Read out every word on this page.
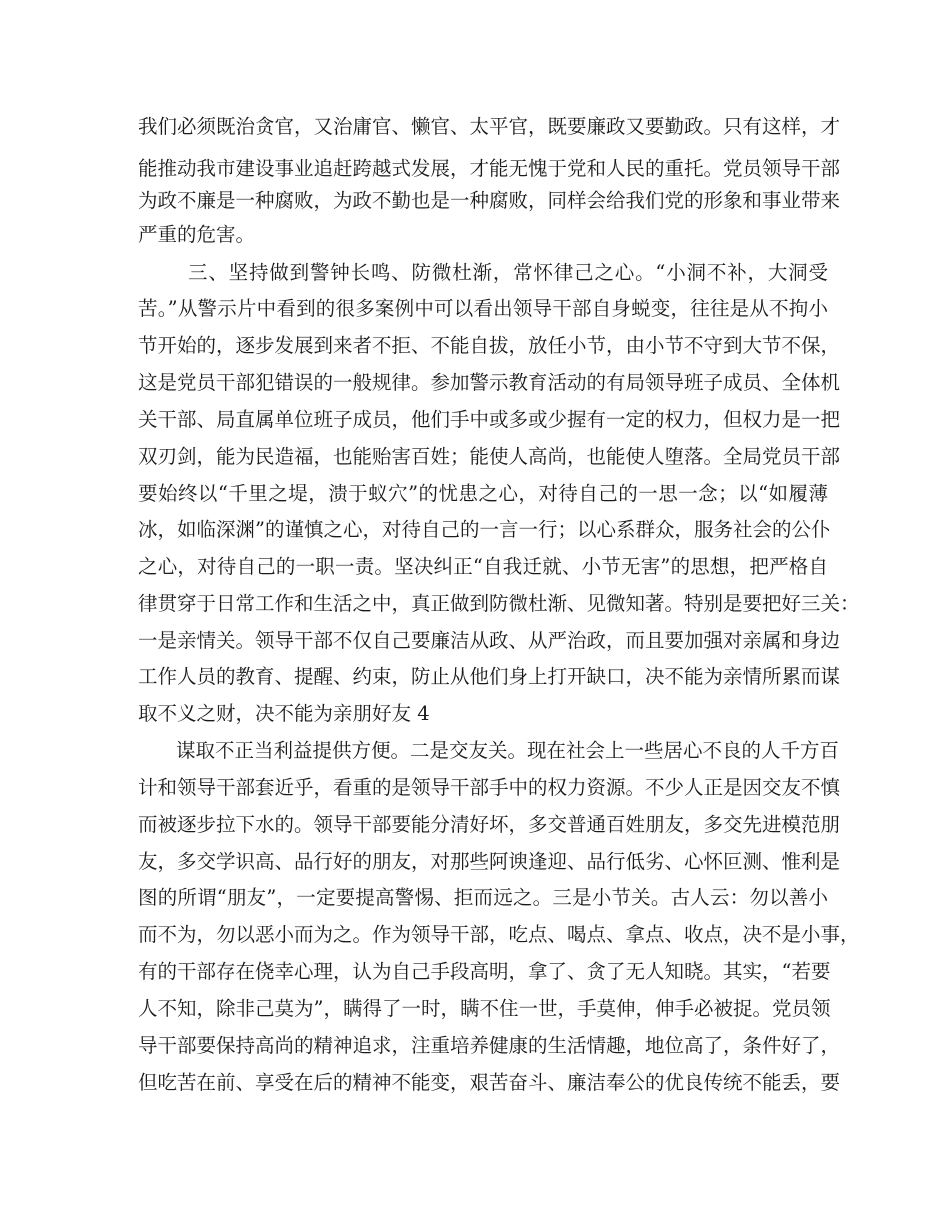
我们必须既治贪官，又治庸官、懒官、太平官，既要廉政又要勤政。只有这样，才
能推动我市建设事业追赶跨越式发展，才能无愧于党和人民的重托。党员领导干部
为政不廉是一种腐败，为政不勤也是一种腐败，同样会给我们党的形象和事业带来
严重的危害。
三、坚持做到警钟长鸣、防微杜渐，常怀律己之心。“小洞不补，大洞受
苦。”从警示片中看到的很多案例中可以看出领导干部自身蜕变，往往是从不拘小
节开始的，逐步发展到来者不拒、不能自拔，放任小节，由小节不守到大节不保，
这是党员干部犯错误的一般规律。参加警示教育活动的有局领导班子成员、全体机
关干部、局直属单位班子成员，他们手中或多或少握有一定的权力，但权力是一把
双刃剑，能为民造福，也能贻害百姓；能使人高尚，也能使人堕落。全局党员干部
要始终以“千里之堤，溃于蚁穴”的忧患之心，对待自己的一思一念；以“如履薄
冰，如临深渊”的谨慎之心，对待自己的一言一行；以心系群众，服务社会的公仆
之心，对待自己的一职一责。坚决纠正“自我迁就、小节无害”的思想，把严格自
律贯穿于日常工作和生活之中，真正做到防微杜渐、见微知著。特别是要把好三关：
一是亲情关。领导干部不仅自己要廉洁从政、从严治政，而且要加强对亲属和身边
工作人员的教育、提醒、约束，防止从他们身上打开缺口，决不能为亲情所累而谋
取不义之财，决不能为亲朋好友 4
谋取不正当利益提供方便。二是交友关。现在社会上一些居心不良的人千方百
计和领导干部套近乎，看重的是领导干部手中的权力资源。不少人正是因交友不慎
而被逐步拉下水的。领导干部要能分清好坏，多交普通百姓朋友，多交先进模范朋
友，多交学识高、品行好的朋友，对那些阿谀逢迎、品行低劣、心怀叵测、惟利是
图的所谓“朋友”，一定要提高警惕、拒而远之。三是小节关。古人云：勿以善小
而不为，勿以恶小而为之。作为领导干部，吃点、喝点、拿点、收点，决不是小事，
有的干部存在侥幸心理，认为自己手段高明，拿了、贪了无人知晓。其实，“若要
人不知，除非己莫为”，瞒得了一时，瞒不住一世，手莫伸，伸手必被捉。党员领
导干部要保持高尚的精神追求，注重培养健康的生活情趣，地位高了，条件好了，
但吃苦在前、享受在后的精神不能变，艰苦奋斗、廉洁奉公的优良传统不能丢，要
